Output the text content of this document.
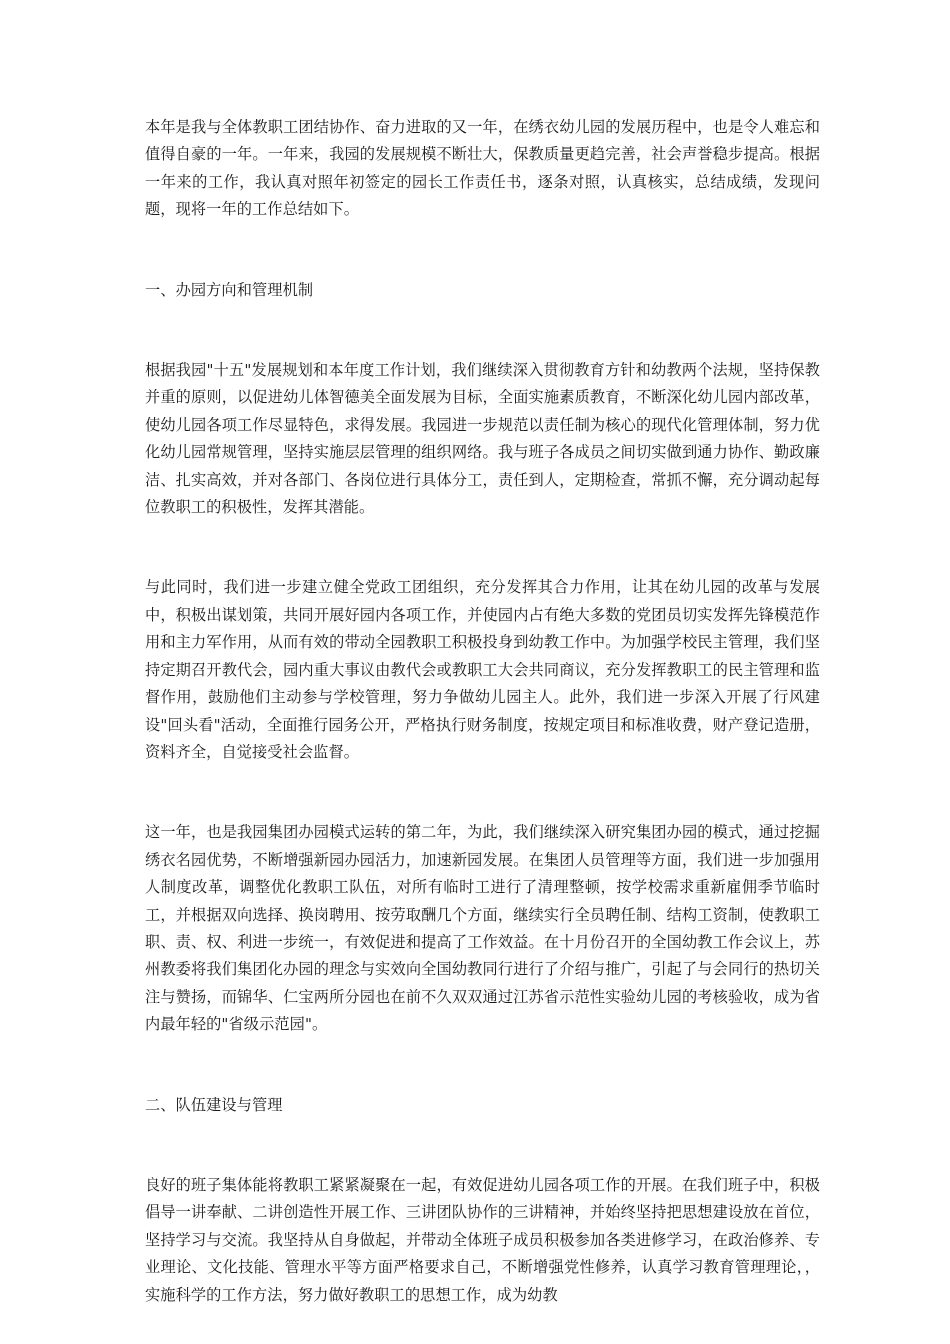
本年是我与全体教职工团结协作、奋力进取的又一年，在绣衣幼儿园的发展历程中，也是令人难忘和值得自豪的一年。一年来，我园的发展规模不断壮大，保教质量更趋完善，社会声誉稳步提高。根据一年来的工作，我认真对照年初签定的园长工作责任书，逐条对照，认真核实，总结成绩，发现问题，现将一年的工作总结如下。

一、办园方向和管理机制

根据我园"十五"发展规划和本年度工作计划，我们继续深入贯彻教育方针和幼教两个法规，坚持保教并重的原则，以促进幼儿体智德美全面发展为目标，全面实施素质教育，不断深化幼儿园内部改革，使幼儿园各项工作尽显特色，求得发展。我园进一步规范以责任制为核心的现代化管理体制，努力优化幼儿园常规管理，坚持实施层层管理的组织网络。我与班子各成员之间切实做到通力协作、勤政廉洁、扎实高效，并对各部门、各岗位进行具体分工，责任到人，定期检查，常抓不懈，充分调动起每位教职工的积极性，发挥其潜能。

与此同时，我们进一步建立健全党政工团组织，充分发挥其合力作用，让其在幼儿园的改革与发展中，积极出谋划策，共同开展好园内各项工作，并使园内占有绝大多数的党团员切实发挥先锋模范作用和主力军作用，从而有效的带动全园教职工积极投身到幼教工作中。为加强学校民主管理，我们坚持定期召开教代会，园内重大事议由教代会或教职工大会共同商议，充分发挥教职工的民主管理和监督作用，鼓励他们主动参与学校管理，努力争做幼儿园主人。此外，我们进一步深入开展了行风建设"回头看"活动，全面推行园务公开，严格执行财务制度，按规定项目和标准收费，财产登记造册，资料齐全，自觉接受社会监督。

这一年，也是我园集团办园模式运转的第二年，为此，我们继续深入研究集团办园的模式，通过挖掘绣衣名园优势，不断增强新园办园活力，加速新园发展。在集团人员管理等方面，我们进一步加强用人制度改革，调整优化教职工队伍，对所有临时工进行了清理整顿，按学校需求重新雇佣季节临时工，并根据双向选择、换岗聘用、按劳取酬几个方面，继续实行全员聘任制、结构工资制，使教职工职、责、权、利进一步统一，有效促进和提高了工作效益。在十月份召开的全国幼教工作会议上，苏州教委将我们集团化办园的理念与实效向全国幼教同行进行了介绍与推广，引起了与会同行的热切关注与赞扬，而锦华、仁宝两所分园也在前不久双双通过江苏省示范性实验幼儿园的考核验收，成为省内最年轻的"省级示范园"。

二、队伍建设与管理

良好的班子集体能将教职工紧紧凝聚在一起，有效促进幼儿园各项工作的开展。在我们班子中，积极倡导一讲奉献、二讲创造性开展工作、三讲团队协作的三讲精神，并始终坚持把思想建设放在首位，坚持学习与交流。我坚持从自身做起，并带动全体班子成员积极参加各类进修学习，在政治修养、专业理论、文化技能、管理水平等方面严格要求自己，不断增强党性修养，认真学习教育管理理论，，实施科学的工作方法，努力做好教职工的思想工作，成为幼教
